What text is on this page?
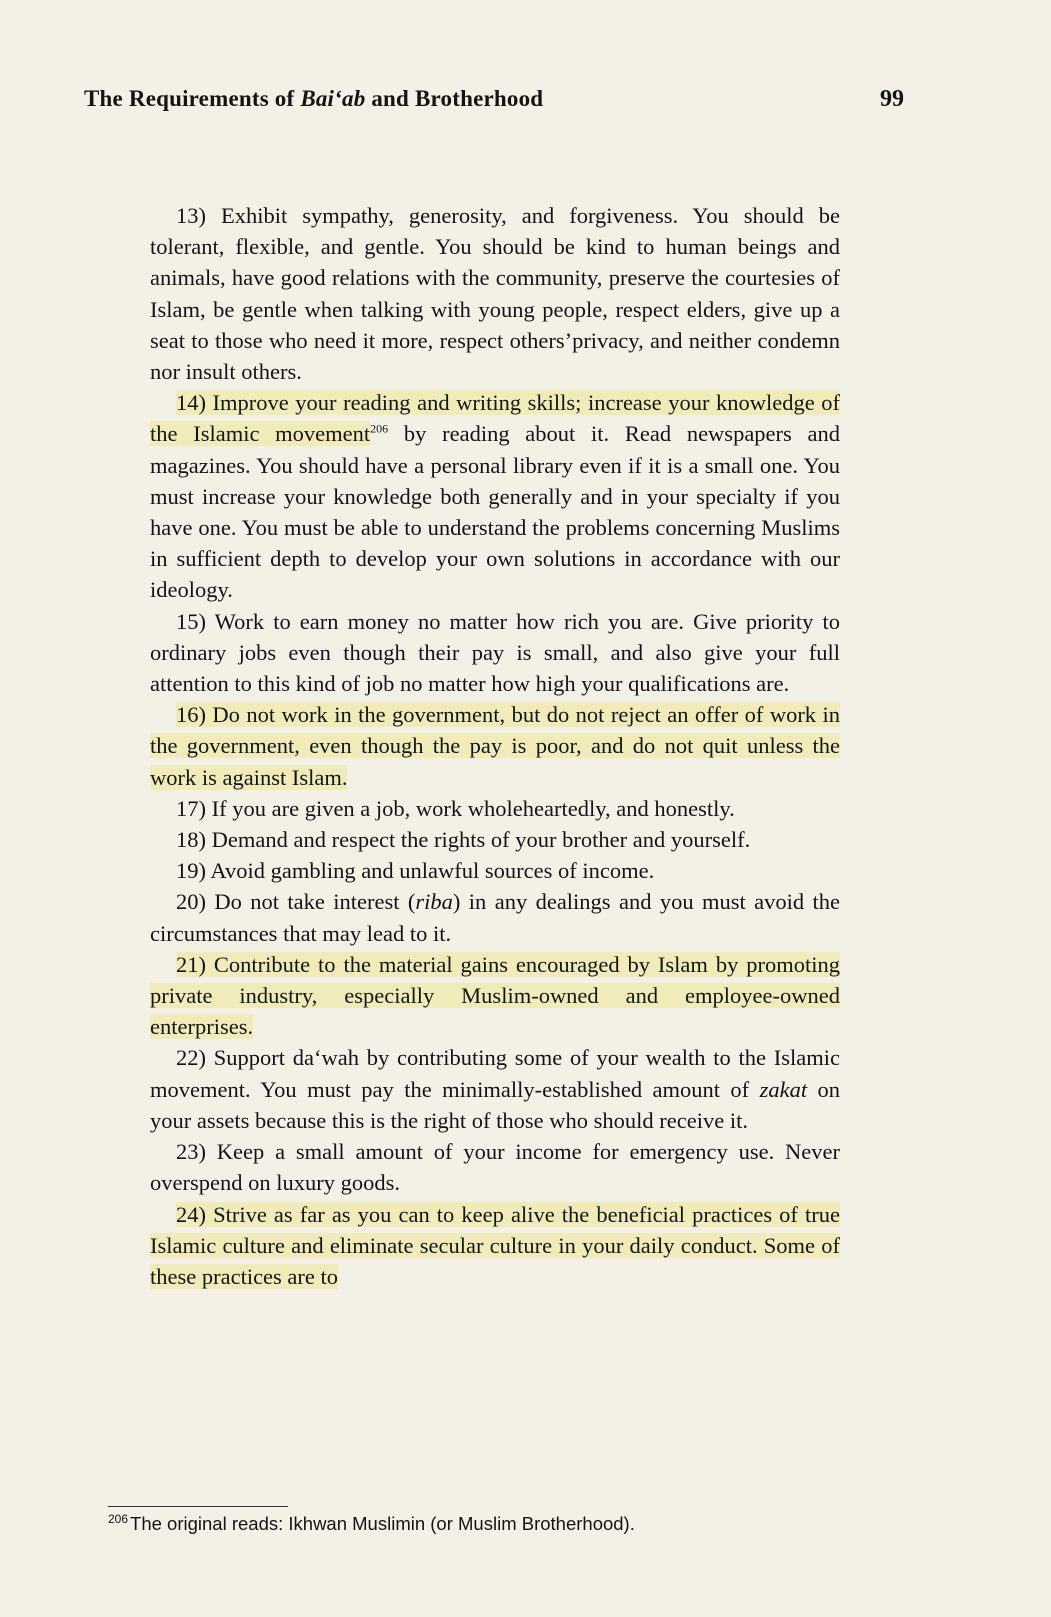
The Requirements of Bai‘ab and Brotherhood	99

13) Exhibit sympathy, generosity, and forgiveness. You should be tolerant, flexible, and gentle. You should be kind to human beings and animals, have good relations with the community, preserve the courtesies of Islam, be gentle when talking with young people, respect elders, give up a seat to those who need it more, respect others’privacy, and neither condemn nor insult others.

14) Improve your reading and writing skills; increase your knowledge of the Islamic movement$^{206}$ by reading about it. Read newspapers and magazines. You should have a personal library even if it is a small one. You must increase your knowledge both generally and in your specialty if you have one. You must be able to understand the problems concerning Muslims in sufficient depth to develop your own solutions in accordance with our ideology.

15) Work to earn money no matter how rich you are. Give priority to ordinary jobs even though their pay is small, and also give your full attention to this kind of job no matter how high your qualifications are.

16) Do not work in the government, but do not reject an offer of work in the government, even though the pay is poor, and do not quit unless the work is against Islam.

17) If you are given a job, work wholeheartedly, and honestly.

18) Demand and respect the rights of your brother and yourself.

19) Avoid gambling and unlawful sources of income.

20) Do not take interest (riba) in any dealings and you must avoid the circumstances that may lead to it.

21) Contribute to the material gains encouraged by Islam by promoting private industry, especially Muslim-owned and employee-owned enterprises.

22) Support da‘wah by contributing some of your wealth to the Islamic movement. You must pay the minimally-established amount of zakat on your assets because this is the right of those who should receive it.

23) Keep a small amount of your income for emergency use. Never overspend on luxury goods.

24) Strive as far as you can to keep alive the beneficial practices of true Islamic culture and eliminate secular culture in your daily conduct. Some of these practices are to

$^{206}$ The original reads: Ikhwan Muslimin (or Muslim Brotherhood).
